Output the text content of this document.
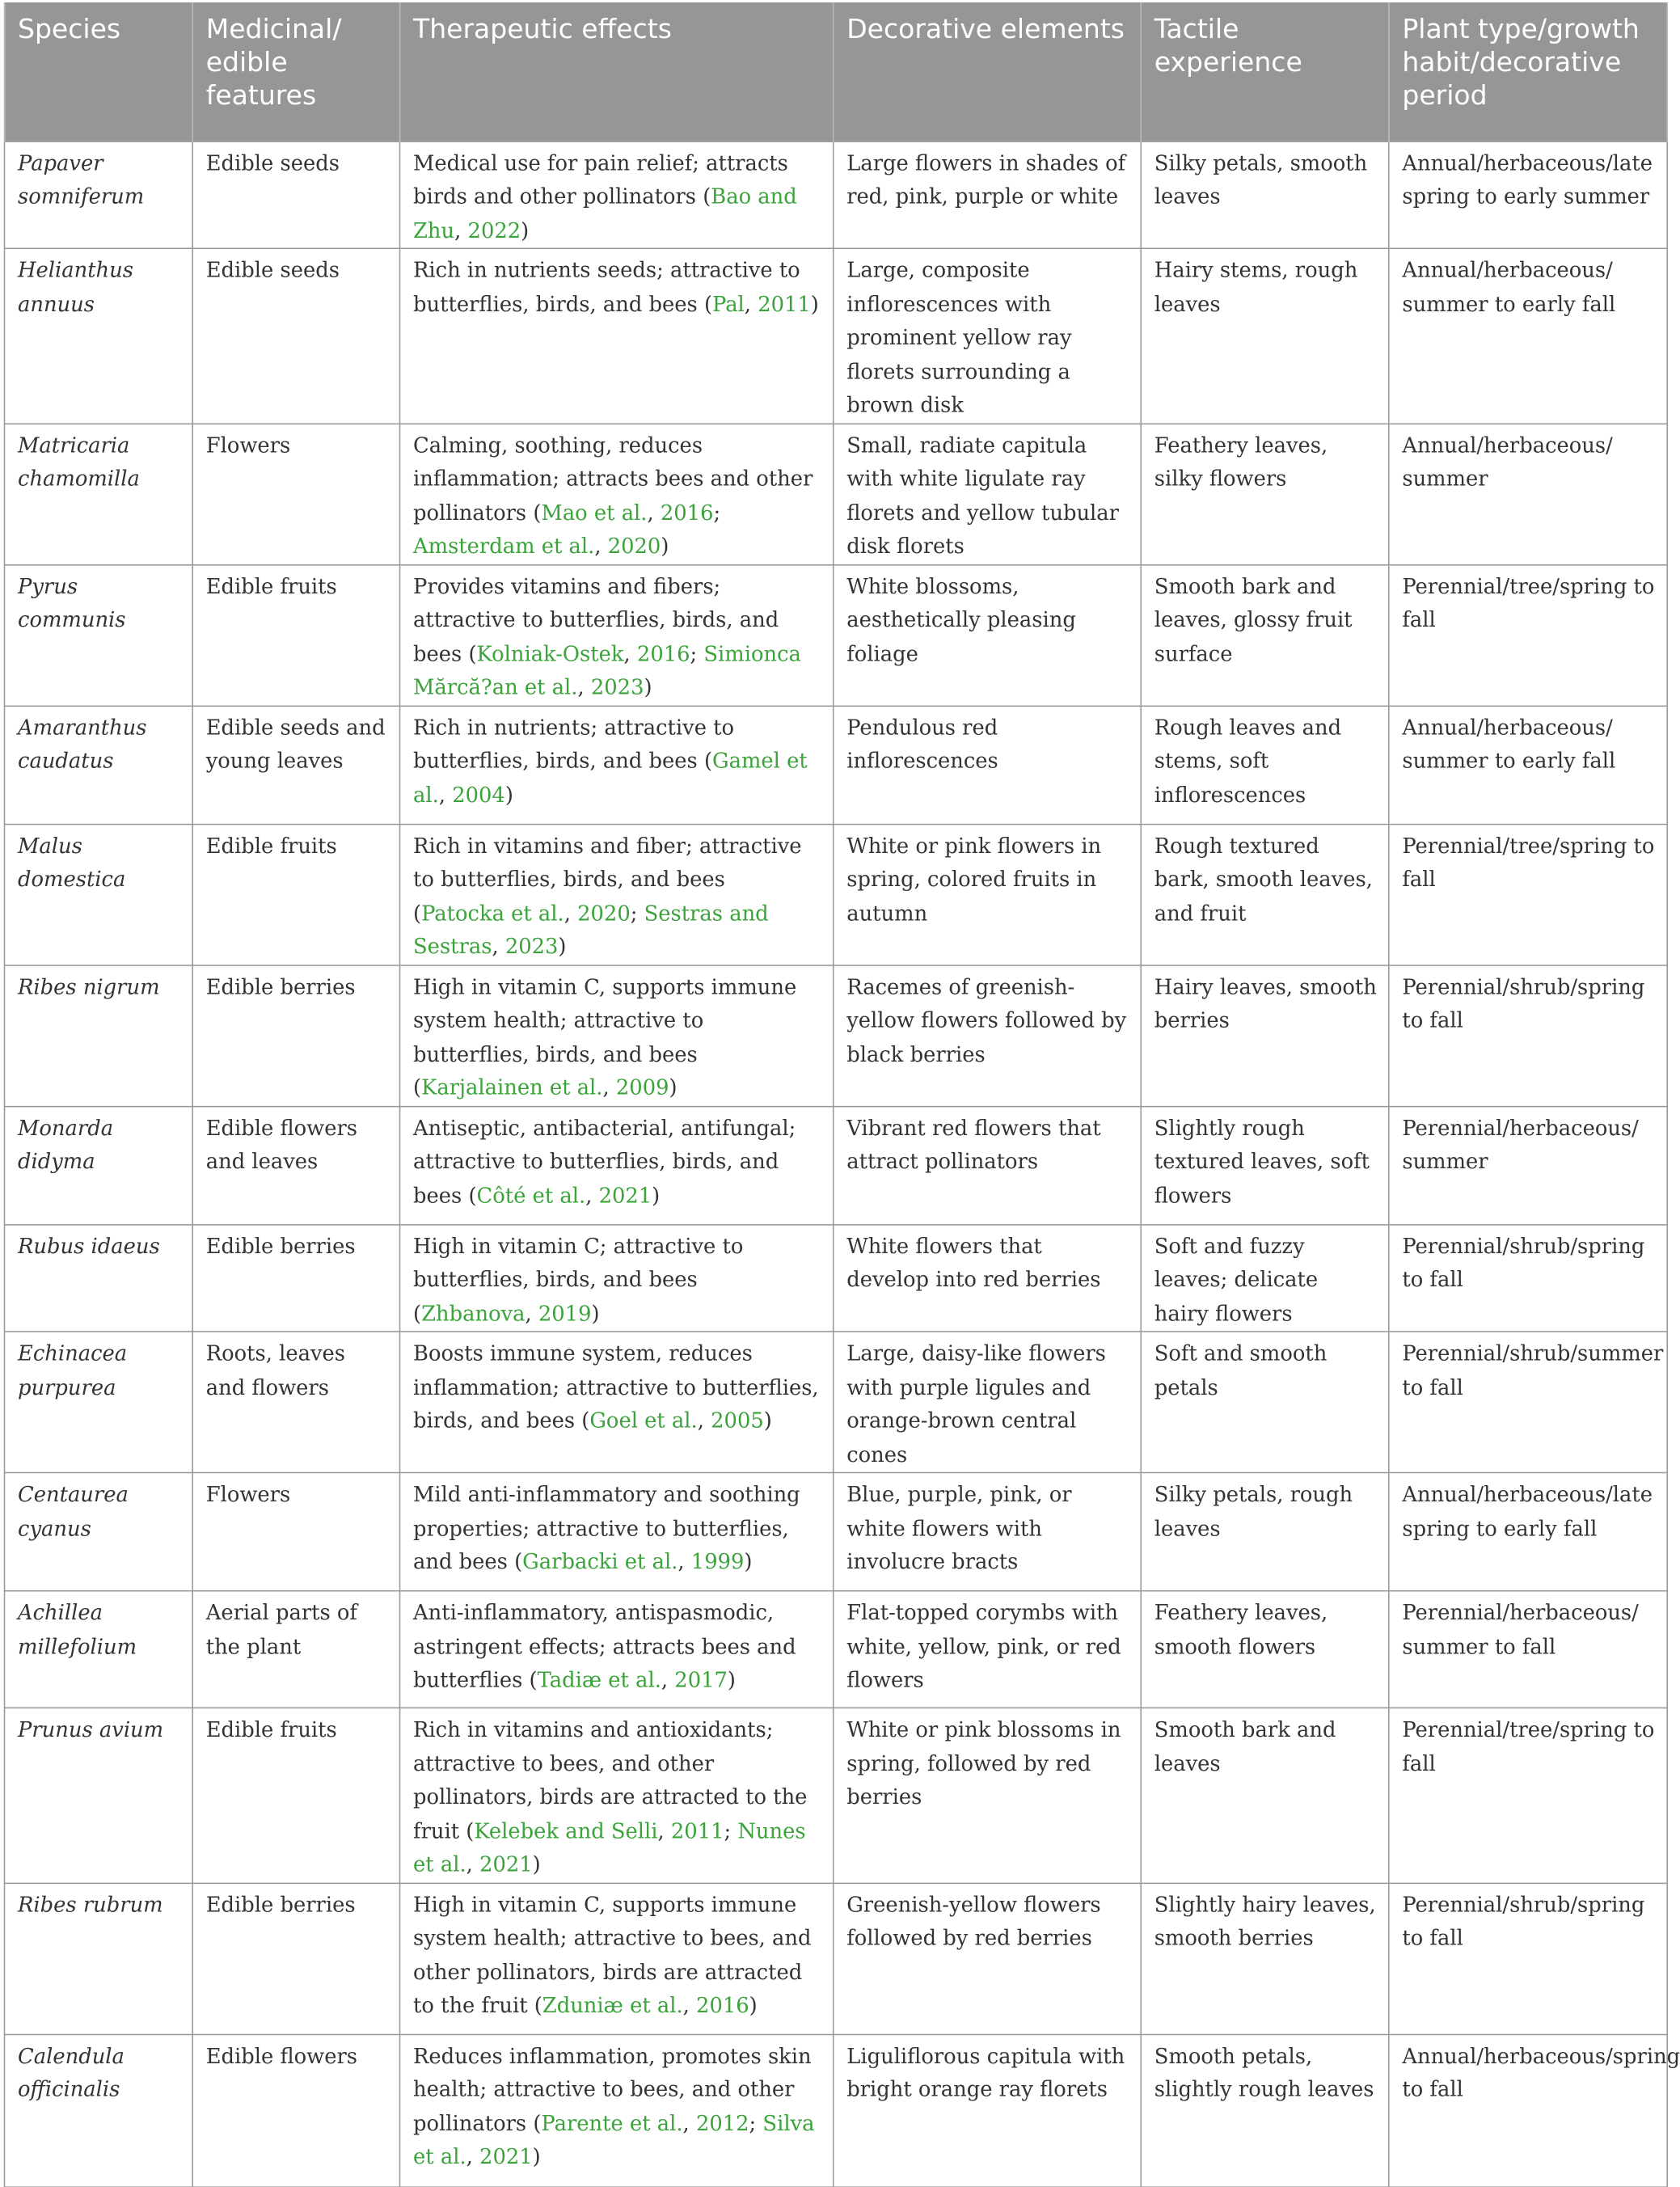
Species	Medicinal/ edible features	Therapeutic effects	Decorative elements	Tactile experience	Plant type/growth habit/decorative period
Papaver somniferum	Edible seeds	Medical use for pain relief; attracts birds and other pollinators (Bao and Zhu, 2022)	Large flowers in shades of red, pink, purple or white	Silky petals, smooth leaves	Annual/herbaceous/late spring to early summer
Helianthus annuus	Edible seeds	Rich in nutrients seeds; attractive to butterflies, birds, and bees (Pal, 2011)	Large, composite inflorescences with prominent yellow ray florets surrounding a brown disk	Hairy stems, rough leaves	Annual/herbaceous/ summer to early fall
Matricaria chamomilla	Flowers	Calming, soothing, reduces inflammation; attracts bees and other pollinators (Mao et al., 2016; Amsterdam et al., 2020)	Small, radiate capitula with white ligulate ray florets and yellow tubular disk florets	Feathery leaves, silky flowers	Annual/herbaceous/ summer
Pyrus communis	Edible fruits	Provides vitamins and fibers; attractive to butterflies, birds, and bees (Kolniak-Ostek, 2016; Simionca Mărcă?an et al., 2023)	White blossoms, aesthetically pleasing foliage	Smooth bark and leaves, glossy fruit surface	Perennial/tree/spring to fall
Amaranthus caudatus	Edible seeds and young leaves	Rich in nutrients; attractive to butterflies, birds, and bees (Gamel et al., 2004)	Pendulous red inflorescences	Rough leaves and stems, soft inflorescences	Annual/herbaceous/ summer to early fall
Malus domestica	Edible fruits	Rich in vitamins and fiber; attractive to butterflies, birds, and bees (Patocka et al., 2020; Sestras and Sestras, 2023)	White or pink flowers in spring, colored fruits in autumn	Rough textured bark, smooth leaves, and fruit	Perennial/tree/spring to fall
Ribes nigrum	Edible berries	High in vitamin C, supports immune system health; attractive to butterflies, birds, and bees (Karjalainen et al., 2009)	Racemes of greenish-yellow flowers followed by black berries	Hairy leaves, smooth berries	Perennial/shrub/spring to fall
Monarda didyma	Edible flowers and leaves	Antiseptic, antibacterial, antifungal; attractive to butterflies, birds, and bees (Côté et al., 2021)	Vibrant red flowers that attract pollinators	Slightly rough textured leaves, soft flowers	Perennial/herbaceous/ summer
Rubus idaeus	Edible berries	High in vitamin C; attractive to butterflies, birds, and bees (Zhbanova, 2019)	White flowers that develop into red berries	Soft and fuzzy leaves; delicate hairy flowers	Perennial/shrub/spring to fall
Echinacea purpurea	Roots, leaves and flowers	Boosts immune system, reduces inflammation; attractive to butterflies, birds, and bees (Goel et al., 2005)	Large, daisy-like flowers with purple ligules and orange-brown central cones	Soft and smooth petals	Perennial/shrub/summer to fall
Centaurea cyanus	Flowers	Mild anti-inflammatory and soothing properties; attractive to butterflies, and bees (Garbacki et al., 1999)	Blue, purple, pink, or white flowers with involucre bracts	Silky petals, rough leaves	Annual/herbaceous/late spring to early fall
Achillea millefolium	Aerial parts of the plant	Anti-inflammatory, antispasmodic, astringent effects; attracts bees and butterflies (Tadiæ et al., 2017)	Flat-topped corymbs with white, yellow, pink, or red flowers	Feathery leaves, smooth flowers	Perennial/herbaceous/ summer to fall
Prunus avium	Edible fruits	Rich in vitamins and antioxidants; attractive to bees, and other pollinators, birds are attracted to the fruit (Kelebek and Selli, 2011; Nunes et al., 2021)	White or pink blossoms in spring, followed by red berries	Smooth bark and leaves	Perennial/tree/spring to fall
Ribes rubrum	Edible berries	High in vitamin C, supports immune system health; attractive to bees, and other pollinators, birds are attracted to the fruit (Zduniæ et al., 2016)	Greenish-yellow flowers followed by red berries	Slightly hairy leaves, smooth berries	Perennial/shrub/spring to fall
Calendula officinalis	Edible flowers	Reduces inflammation, promotes skin health; attractive to bees, and other pollinators (Parente et al., 2012; Silva et al., 2021)	Liguliflorous capitula with bright orange ray florets	Smooth petals, slightly rough leaves	Annual/herbaceous/spring to fall
